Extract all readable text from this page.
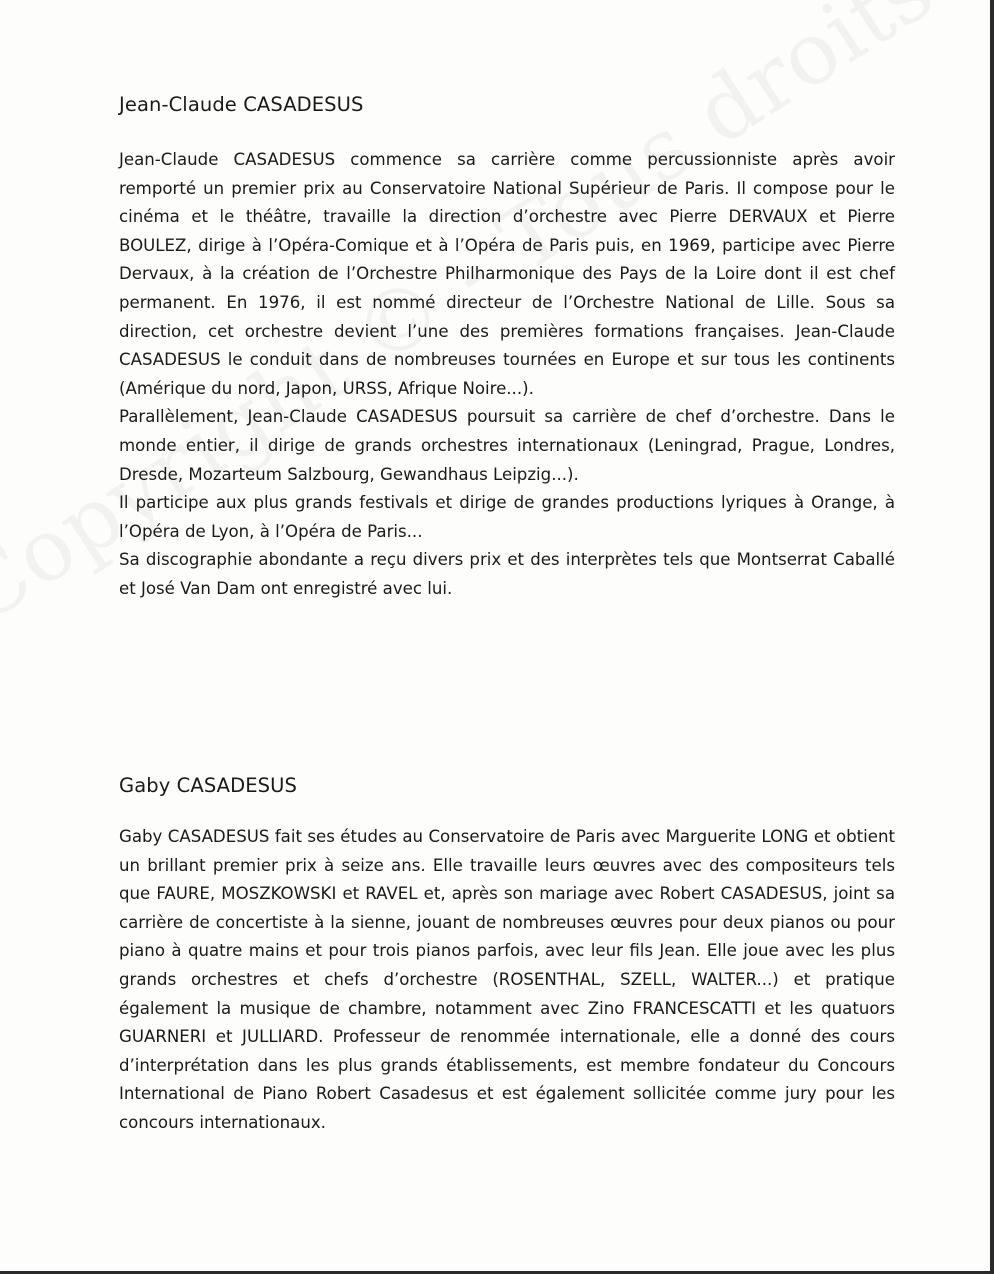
Jean-Claude CASADESUS

Jean-Claude CASADESUS commence sa carrière comme percussionniste après avoir remporté un premier prix au Conservatoire National Supérieur de Paris. Il compose pour le cinéma et le théâtre, travaille la direction d’orchestre avec Pierre DERVAUX et Pierre BOULEZ, dirige à l’Opéra-Comique et à l’Opéra de Paris puis, en 1969, participe avec Pierre Dervaux, à la création de l’Orchestre Philharmonique des Pays de la Loire dont il est chef permanent. En 1976, il est nommé directeur de l’Orchestre National de Lille. Sous sa direction, cet orchestre devient l’une des premières formations françaises. Jean-Claude CASADESUS le conduit dans de nombreuses tournées en Europe et sur tous les continents (Amérique du nord, Japon, URSS, Afrique Noire...).

Parallèlement, Jean-Claude CASADESUS poursuit sa carrière de chef d’orchestre. Dans le monde entier, il dirige de grands orchestres internationaux (Leningrad, Prague, Londres, Dresde, Mozarteum Salzbourg, Gewandhaus Leipzig...).

Il participe aux plus grands festivals et dirige de grandes productions lyriques à Orange, à l’Opéra de Lyon, à l’Opéra de Paris...

Sa discographie abondante a reçu divers prix et des interprètes tels que Montserrat Caballé et José Van Dam ont enregistré avec lui.

Gaby CASADESUS

Gaby CASADESUS fait ses études au Conservatoire de Paris avec Marguerite LONG et obtient un brillant premier prix à seize ans. Elle travaille leurs œuvres avec des compositeurs tels que FAURE, MOSZKOWSKI et RAVEL et, après son mariage avec Robert CASADESUS, joint sa carrière de concertiste à la sienne, jouant de nombreuses œuvres pour deux pianos ou pour piano à quatre mains et pour trois pianos parfois, avec leur fils Jean. Elle joue avec les plus grands orchestres et chefs d’orchestre (ROSENTHAL, SZELL, WALTER...) et pratique également la musique de chambre, notamment avec Zino FRANCESCATTI et les quatuors GUARNERI et JULLIARD. Professeur de renommée internationale, elle a donné des cours d’interprétation dans les plus grands établissements, est membre fondateur du Concours International de Piano Robert Casadesus et est également sollicitée comme jury pour les concours internationaux.
